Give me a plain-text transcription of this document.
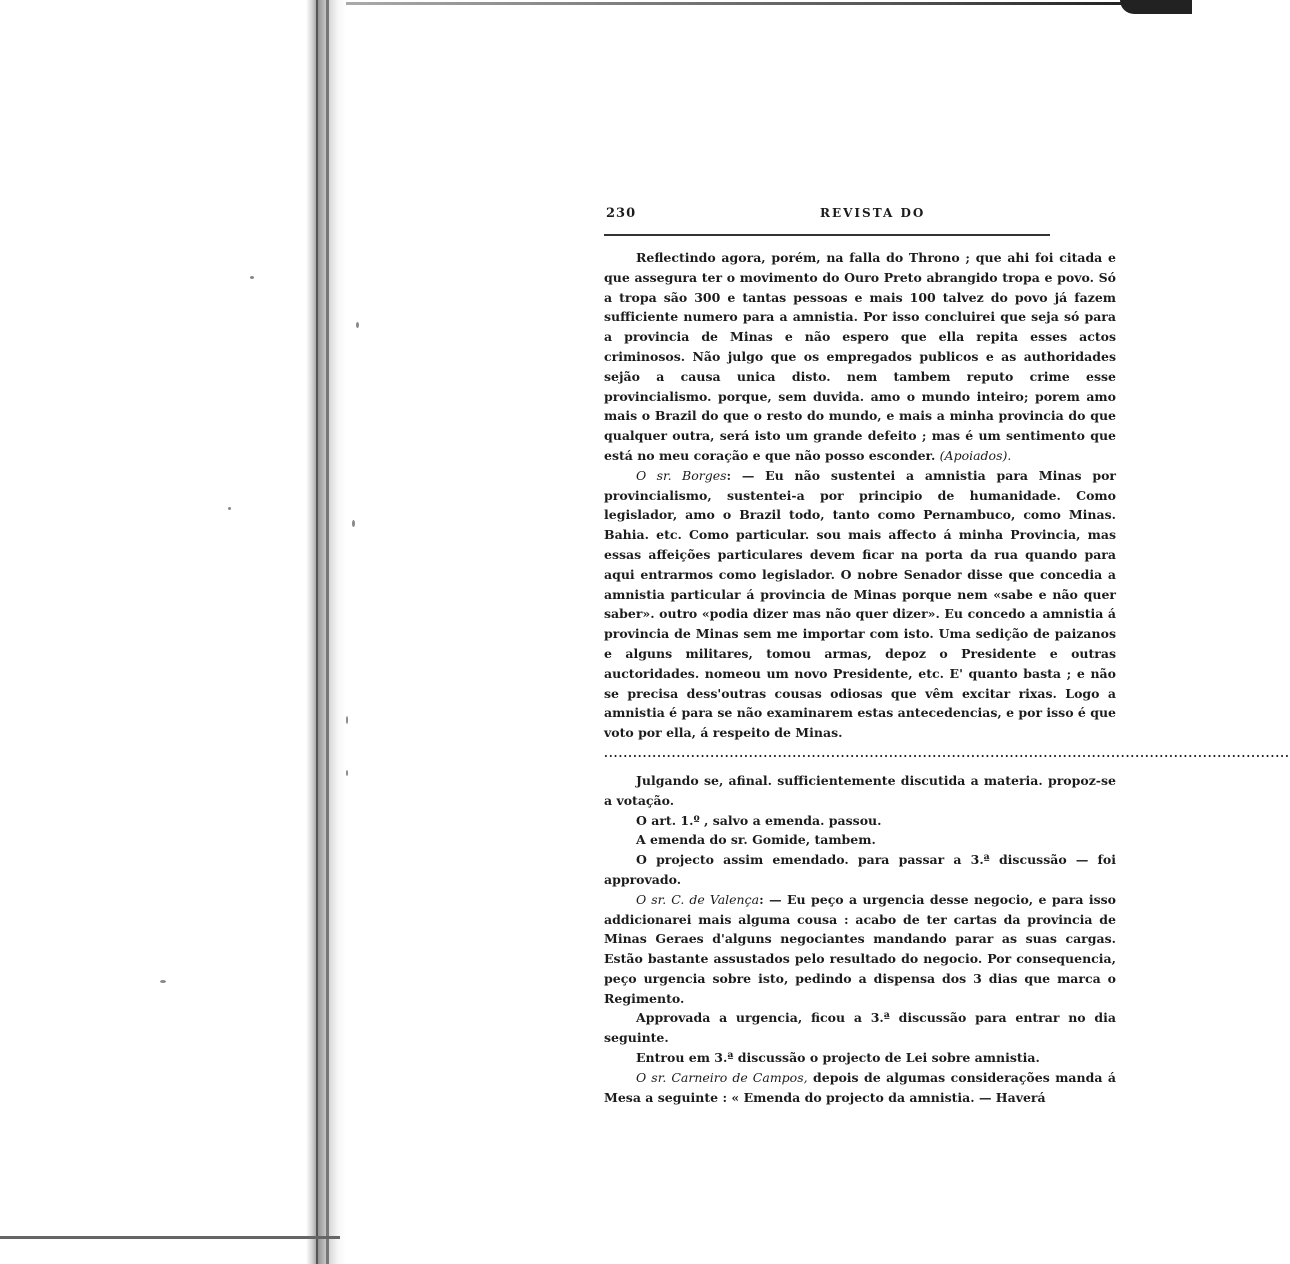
230	REVISTA DO

Reflectindo agora, porém, na falla do Throno ; que ahi foi citada e que assegura ter o movimento do Ouro Preto abrangido tropa e povo. Só a tropa são 300 e tantas pessoas e mais 100 talvez do povo já fazem sufficiente numero para a amnistia. Por isso concluirei que seja só para a provincia de Minas e não espero que ella repita esses actos criminosos. Não julgo que os empregados publicos e as authoridades sejão a causa unica disto. nem tambem reputo crime esse provincialismo. porque, sem duvida. amo o mundo inteiro; porem amo mais o Brazil do que o resto do mundo, e mais a minha provincia do que qualquer outra, será isto um grande defeito ; mas é um sentimento que está no meu coração e que não posso esconder. (Apoiados).

O sr. Borges: — Eu não sustentei a amnistia para Minas por provincialismo, sustentei-a por principio de humanidade. Como legislador, amo o Brazil todo, tanto como Pernambuco, como Minas. Bahia. etc. Como particular. sou mais affecto á minha Provincia, mas essas affeições particulares devem ficar na porta da rua quando para aqui entrarmos como legislador. O nobre Senador disse que concedia a amnistia particular á provincia de Minas porque nem «sabe e não quer saber». outro «podia dizer mas não quer dizer». Eu concedo a amnistia á provincia de Minas sem me importar com isto. Uma sedição de paizanos e alguns militares, tomou armas, depoz o Presidente e outras auctoridades. nomeou um novo Presidente, etc. E' quanto basta ; e não se precisa dess'outras cousas odiosas que vêm excitar rixas. Logo a amnistia é para se não examinarem estas antecedencias, e por isso é que voto por ella, á respeito de Minas.

..............................................................................................................................................

Julgando se, afinal. sufficientemente discutida a materia. propoz-se a votação.

O art. 1.º , salvo a emenda. passou.

A emenda do sr. Gomide, tambem.

O projecto assim emendado. para passar a 3.ª discussão — foi approvado.

O sr. C. de Valença: — Eu peço a urgencia desse negocio, e para isso addicionarei mais alguma cousa : acabo de ter cartas da provincia de Minas Geraes d'alguns negociantes mandando parar as suas cargas. Estão bastante assustados pelo resultado do negocio. Por consequencia, peço urgencia sobre isto, pedindo a dispensa dos 3 dias que marca o Regimento.

Approvada a urgencia, ficou a 3.ª discussão para entrar no dia seguinte.

Entrou em 3.ª discussão o projecto de Lei sobre amnistia.

O sr. Carneiro de Campos, depois de algumas considerações manda á Mesa a seguinte : « Emenda do projecto da amnistia. — Haverá
